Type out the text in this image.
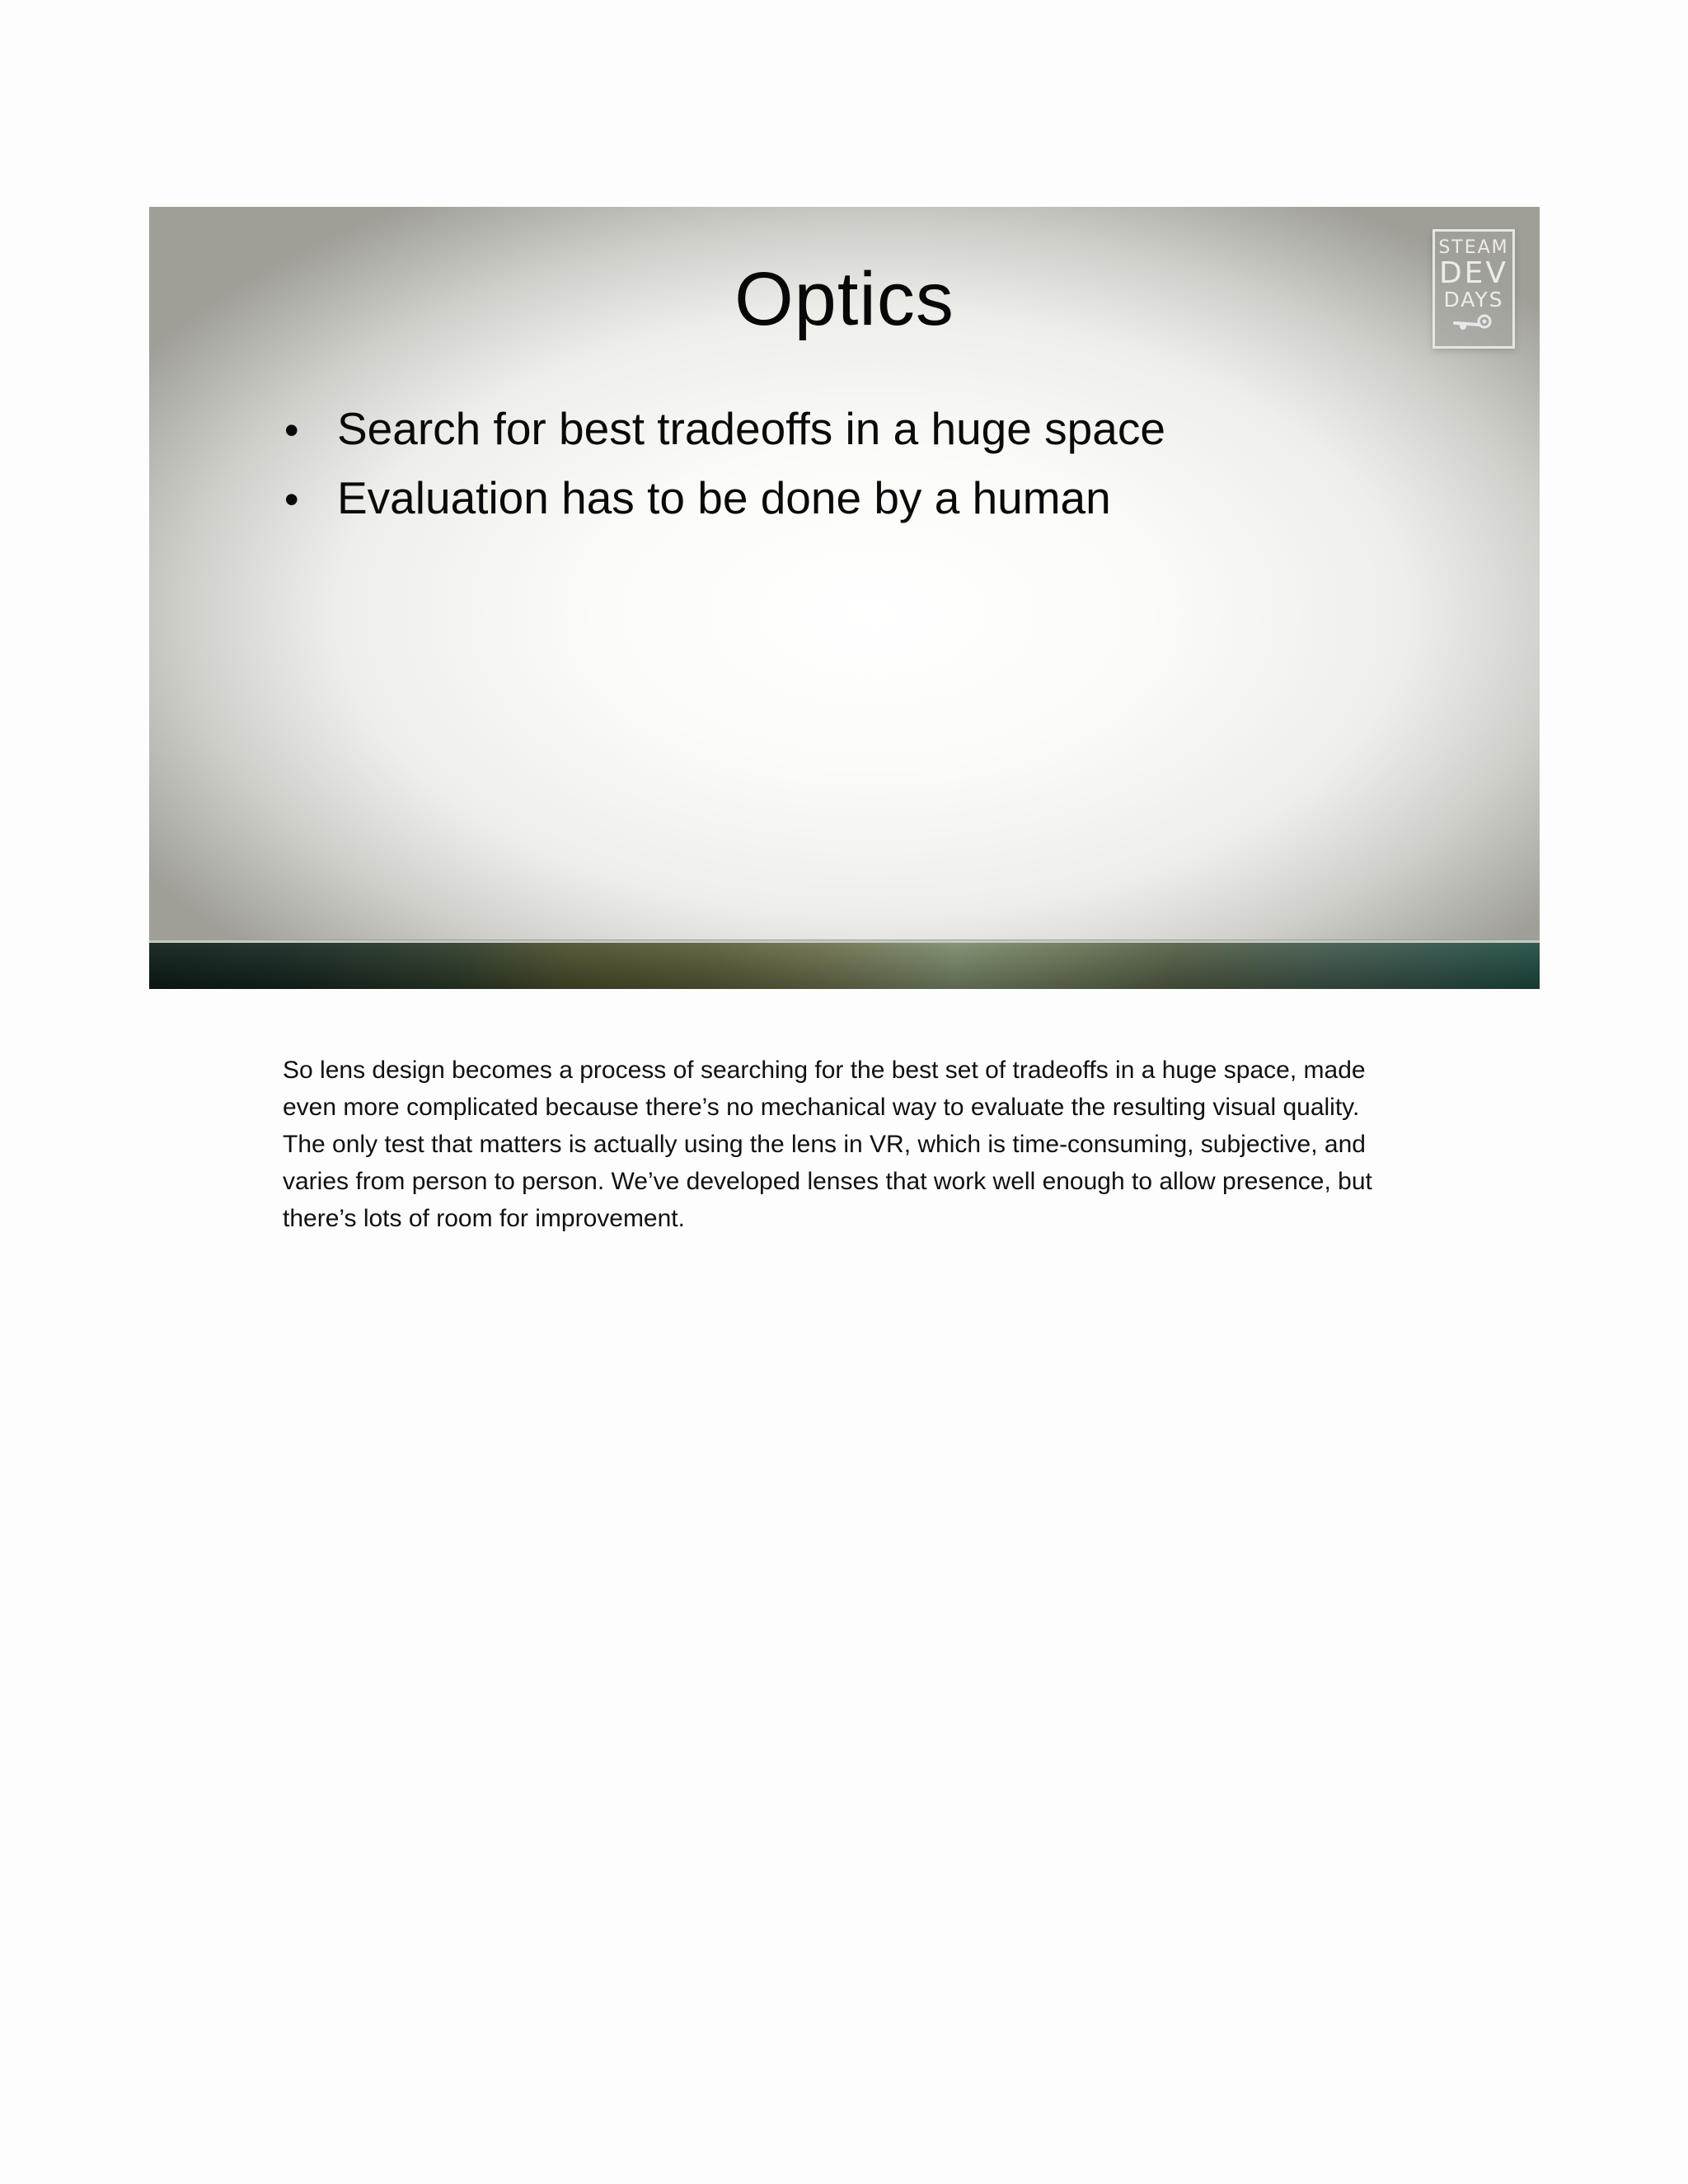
Optics
• Search for best tradeoffs in a huge space
• Evaluation has to be done by a human
STEAM
DEV
DAYS

So lens design becomes a process of searching for the best set of tradeoffs in a huge space, made even more complicated because there’s no mechanical way to evaluate the resulting visual quality. The only test that matters is actually using the lens in VR, which is time-consuming, subjective, and varies from person to person. We’ve developed lenses that work well enough to allow presence, but there’s lots of room for improvement.
